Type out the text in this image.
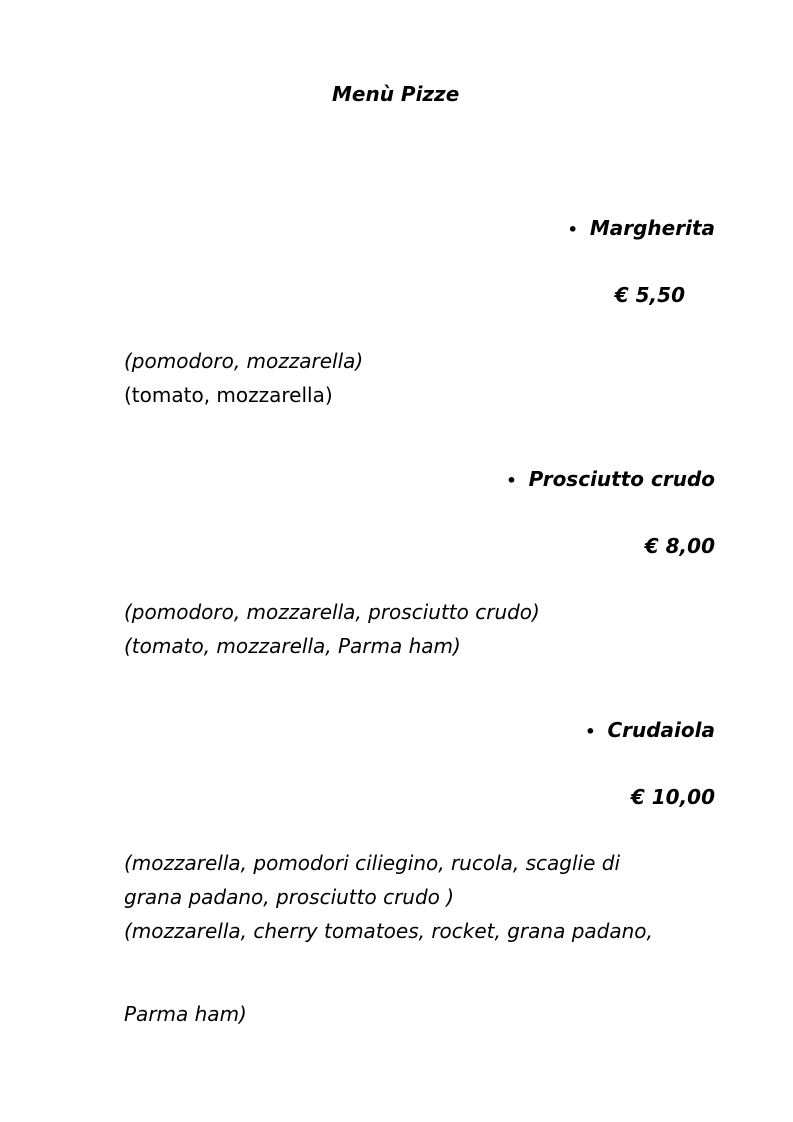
Menù Pizze
• Margherita
€ 5,50
(pomodoro, mozzarella)
(tomato, mozzarella)
• Prosciutto crudo
€ 8,00
(pomodoro, mozzarella, prosciutto crudo)
(tomato, mozzarella, Parma ham)
• Crudaiola
€ 10,00
(mozzarella, pomodori ciliegino, rucola, scaglie di
grana padano, prosciutto crudo )
(mozzarella, cherry tomatoes, rocket, grana padano,
Parma ham)
